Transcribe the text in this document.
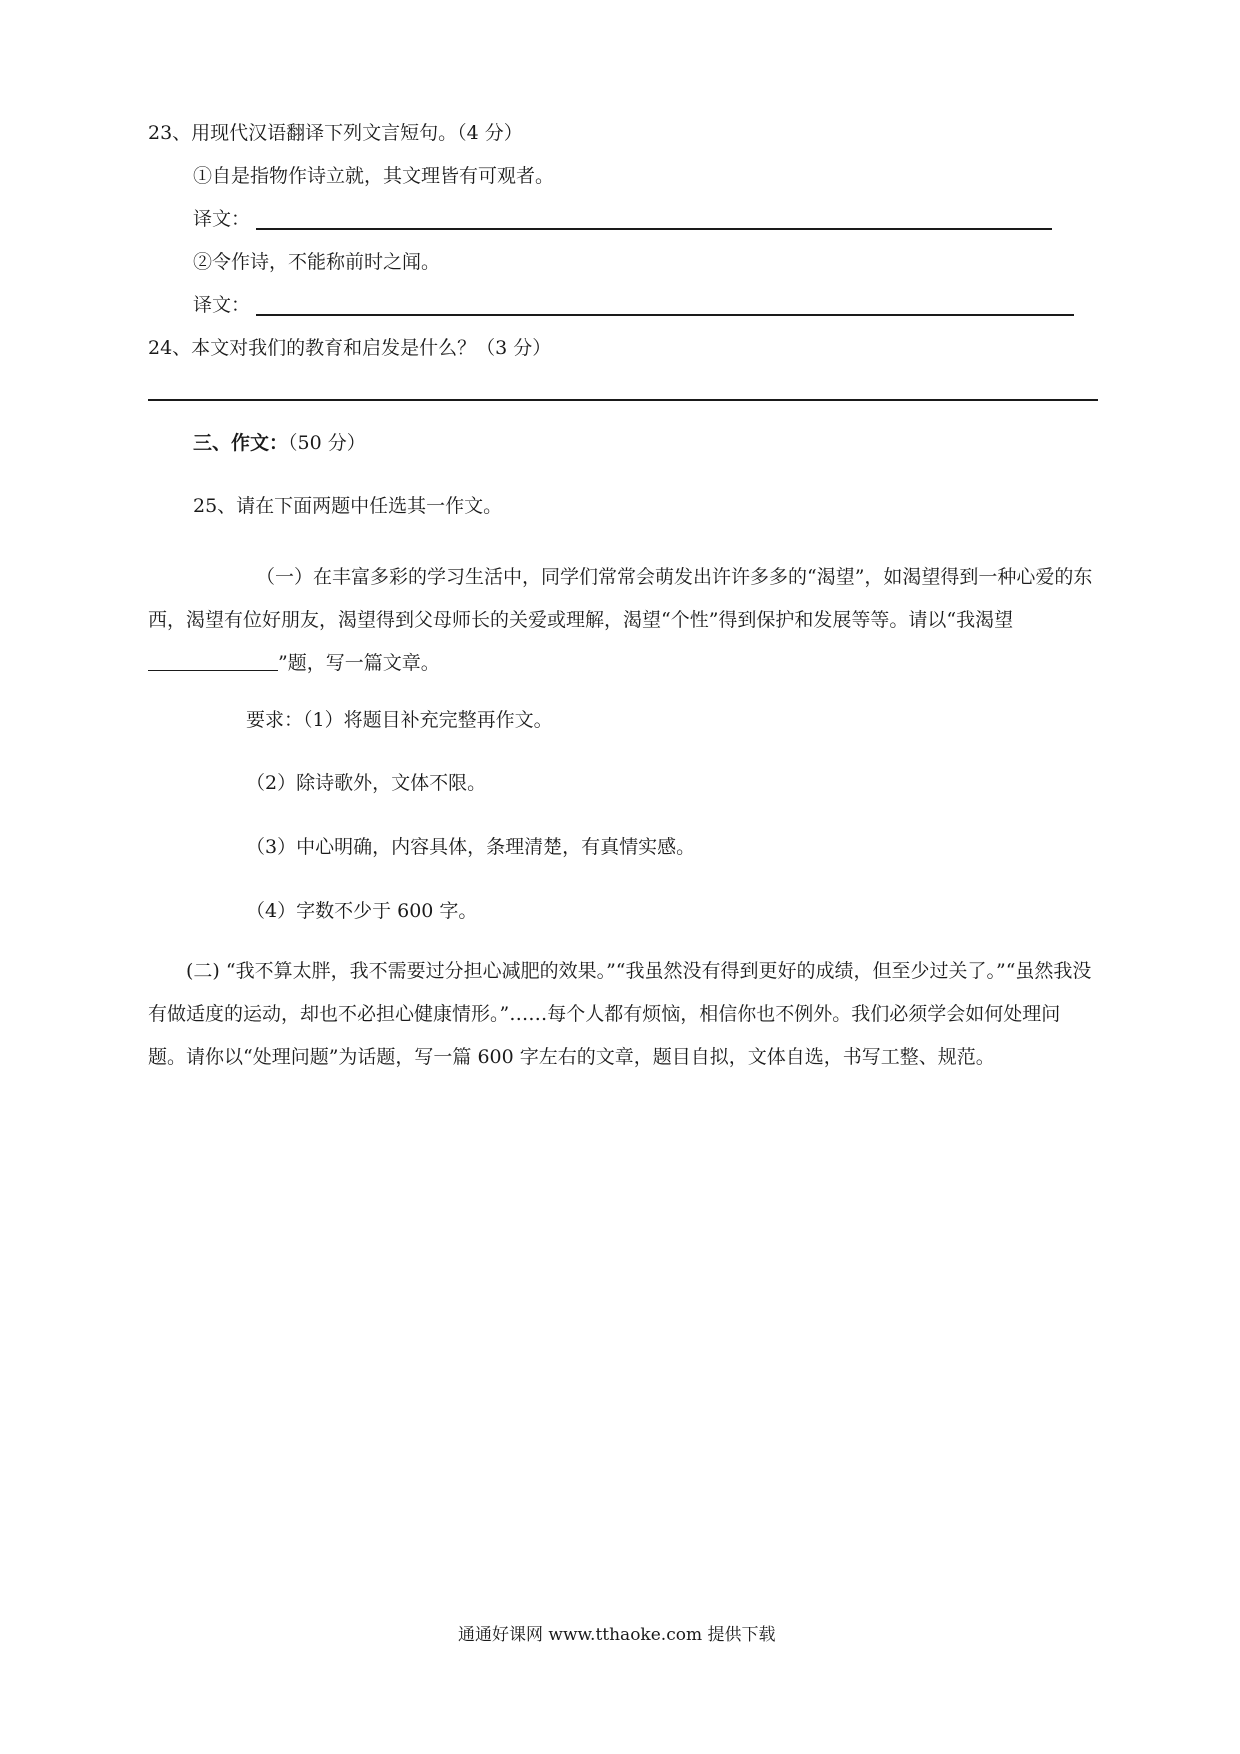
23、用现代汉语翻译下列文言短句。（4 分）
①自是指物作诗立就，其文理皆有可观者。
译文：
②令作诗，不能称前时之闻。
译文：
24、本文对我们的教育和启发是什么？（3 分）
三、作文：（50 分）
25、请在下面两题中任选其一作文。
（一）在丰富多彩的学习生活中，同学们常常会萌发出许许多多的“渴望”，如渴望得到一种心爱的东西，渴望有位好朋友，渴望得到父母师长的关爱或理解，渴望“个性”得到保护和发展等等。请以“我渴望”题，写一篇文章。
要求：（1）将题目补充完整再作文。
（2）除诗歌外，文体不限。
（3）中心明确，内容具体，条理清楚，有真情实感。
（4）字数不少于 600 字。
(二) “我不算太胖，我不需要过分担心减肥的效果。”“我虽然没有得到更好的成绩，但至少过关了。”“虽然我没有做适度的运动，却也不必担心健康情形。”……每个人都有烦恼，相信你也不例外。我们必须学会如何处理问题。请你以“处理问题”为话题，写一篇 600 字左右的文章，题目自拟，文体自选，书写工整、规范。
通通好课网 www.tthaoke.com 提供下载
